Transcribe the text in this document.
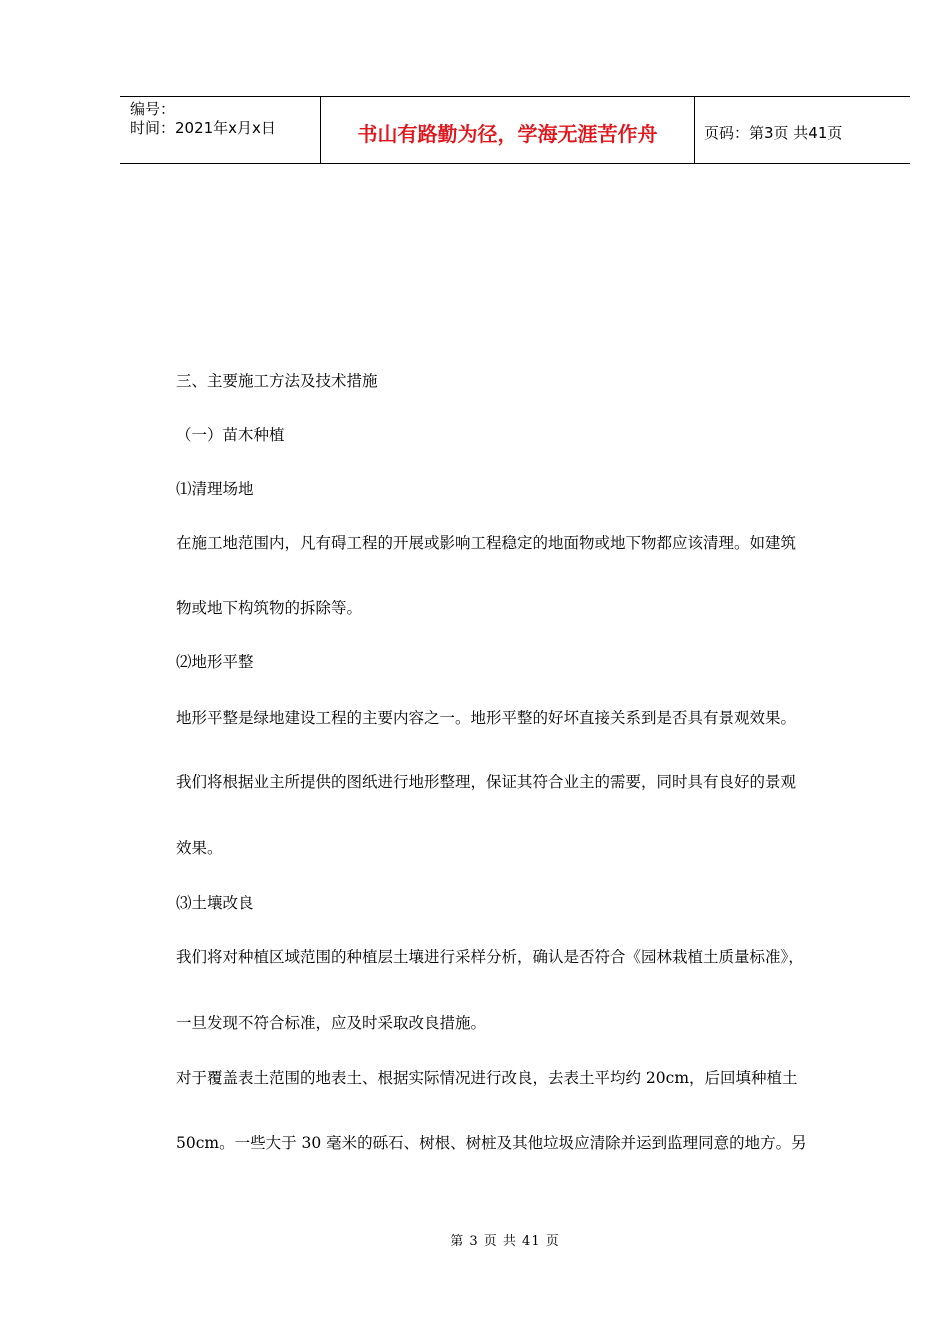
编号：
时间：2021年x月x日	书山有路勤为径，学海无涯苦作舟	页码：第3页 共41页
三、主要施工方法及技术措施
（一）苗木种植
⑴清理场地
在施工地范围内，凡有碍工程的开展或影响工程稳定的地面物或地下物都应该清理。如建筑
物或地下构筑物的拆除等。
⑵地形平整
地形平整是绿地建设工程的主要内容之一。地形平整的好坏直接关系到是否具有景观效果。
我们将根据业主所提供的图纸进行地形整理，保证其符合业主的需要，同时具有良好的景观
效果。
⑶土壤改良
我们将对种植区域范围的种植层土壤进行采样分析，确认是否符合《园林栽植土质量标准》，
一旦发现不符合标准，应及时采取改良措施。
对于覆盖表土范围的地表土、根据实际情况进行改良，去表土平均约 20cm，后回填种植土
50cm。一些大于 30 毫米的砾石、树根、树桩及其他垃圾应清除并运到监理同意的地方。另
第 3 页 共 41 页
